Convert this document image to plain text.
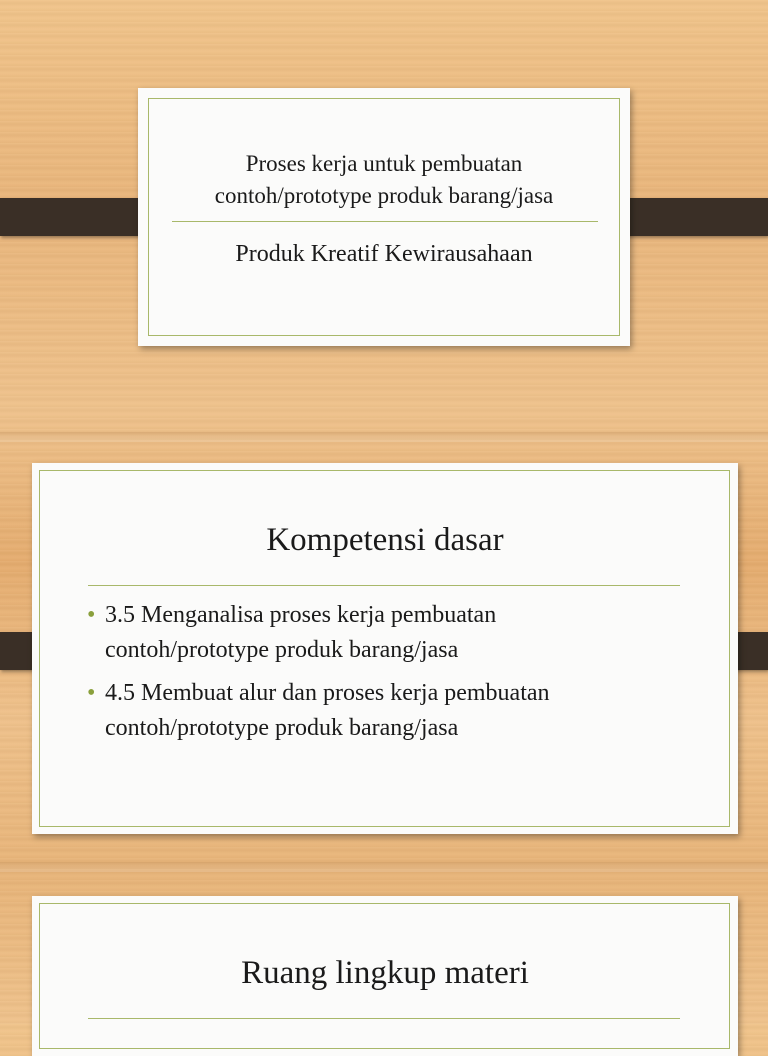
Proses kerja untuk pembuatan
contoh/prototype produk barang/jasa
Produk Kreatif Kewirausahaan
Kompetensi dasar
• 3.5 Menganalisa proses kerja pembuatan
contoh/prototype produk barang/jasa
• 4.5 Membuat alur dan proses kerja pembuatan
contoh/prototype produk barang/jasa
Ruang lingkup materi
